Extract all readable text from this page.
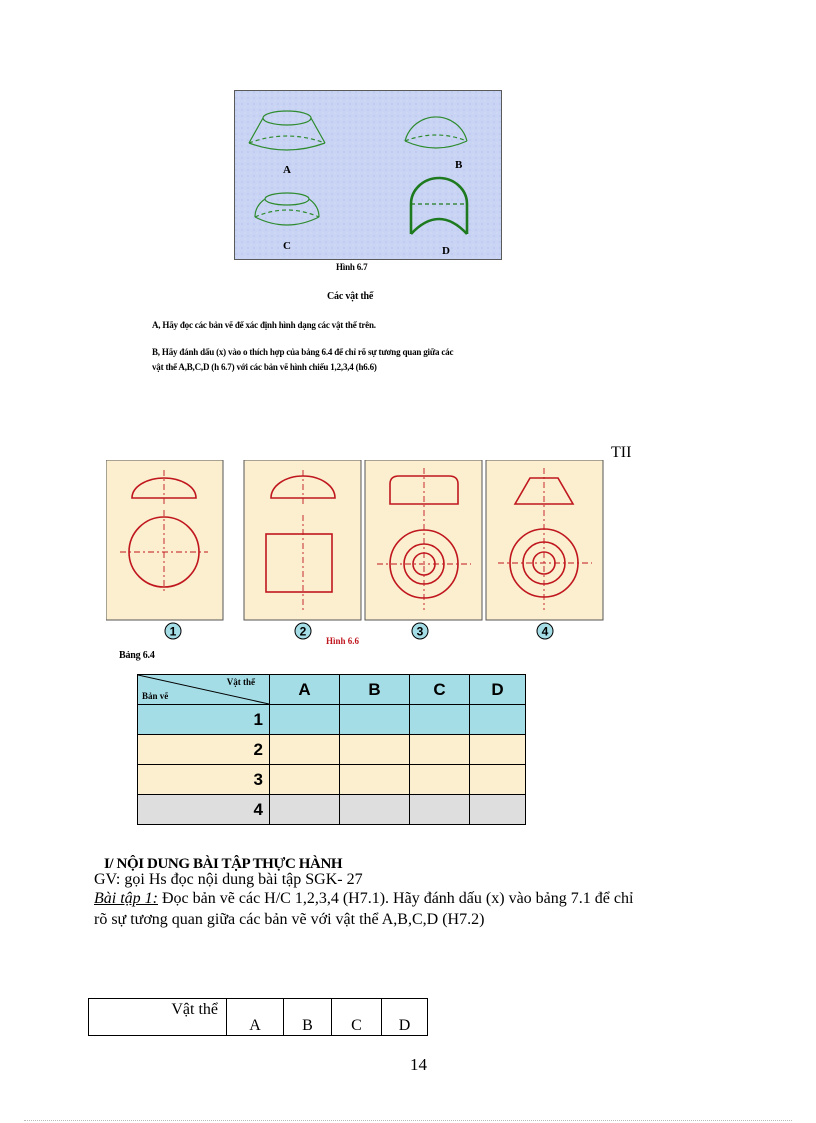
A	B
C	D
Hình 6.7
Các vật thể
A, Hãy đọc các bản vẽ để xác định hình dạng các vật thể trên.
B, Hãy đánh dấu (x) vào o thích hợp của bảng 6.4 để chỉ rõ sự tương quan giữa các
vật thể A,B,C,D (h 6.7) với các bản vẽ hình chiếu 1,2,3,4 (h6.6)
TII
1	2	3	4
Hình 6.6
Bảng 6.4
Vật thể
Bản vẽ	A	B	C	D
1				
2				
3				
4				
I/ NỘI DUNG BÀI TẬP THỰC HÀNH
GV: gọi Hs đọc nội dung bài tập SGK- 27
Bài tập 1: Đọc bản vẽ các H/C 1,2,3,4 (H7.1). Hãy đánh dấu (x) vào bảng 7.1 để chỉ
rõ sự tương quan giữa các bản vẽ với vật thể A,B,C,D (H7.2)
Vật thể	A	B	C	D
14
